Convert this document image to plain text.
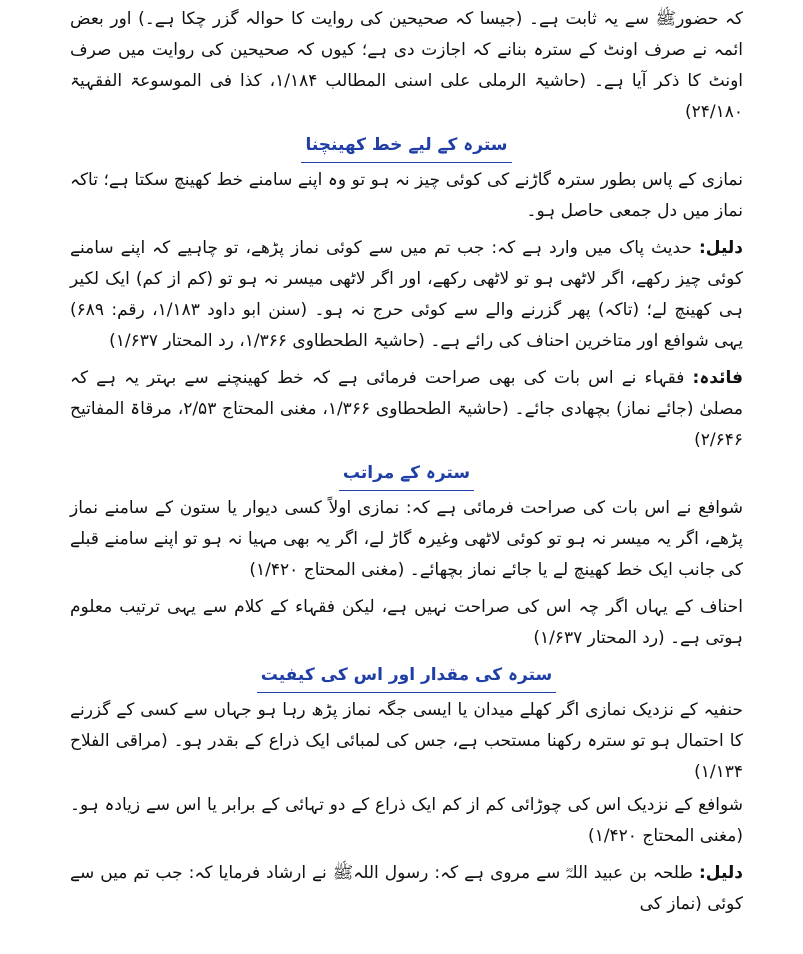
کہ حضورﷺ سے یہ ثابت ہے۔ (جیسا کہ صحیحین کی روایت کا حوالہ گزر چکا ہے۔) اور بعض ائمہ نے صرف اونٹ کے سترہ بنانے کہ اجازت دی ہے؛ کیوں کہ صحیحین کی روایت میں صرف اونٹ کا ذکر آیا ہے۔ (حاشیۃ الرملی علی اسنی المطالب ۱/۱۸۴، کذا فی الموسوعۃ الفقہیۃ ۲۴/۱۸۰)

سترہ کے لیے خط کھینچنا

نمازی کے پاس بطور سترہ گاڑنے کی کوئی چیز نہ ہو تو وہ اپنے سامنے خط کھینچ سکتا ہے؛ تاکہ نماز میں دل جمعی حاصل ہو۔

دلیل: حدیث پاک میں وارد ہے کہ: جب تم میں سے کوئی نماز پڑھے، تو چاہیے کہ اپنے سامنے کوئی چیز رکھے، اگر لاٹھی ہو تو لاٹھی رکھے، اور اگر لاٹھی میسر نہ ہو تو (کم از کم) ایک لکیر ہی کھینچ لے؛ (تاکہ) پھر گزرنے والے سے کوئی حرج نہ ہو۔ (سنن ابو داود ۱/۱۸۳، رقم: ۶۸۹) یہی شوافع اور متاخرین احناف کی رائے ہے۔ (حاشیۃ الطحطاوی ۱/۳۶۶، رد المحتار ۱/۶۳۷)

فائدہ: فقہاء نے اس بات کی بھی صراحت فرمائی ہے کہ خط کھینچنے سے بہتر یہ ہے کہ مصلیٰ (جائے نماز) بچھادی جائے۔ (حاشیۃ الطحطاوی ۱/۳۶۶، مغنی المحتاج ۲/۵۳، مرقاۃ المفاتیح ۲/۶۴۶)

سترہ کے مراتب

شوافع نے اس بات کی صراحت فرمائی ہے کہ: نمازی اولاً کسی دیوار یا ستون کے سامنے نماز پڑھے، اگر یہ میسر نہ ہو تو کوئی لاٹھی وغیرہ گاڑ لے، اگر یہ بھی مہیا نہ ہو تو اپنے سامنے قبلے کی جانب ایک خط کھینچ لے یا جائے نماز بچھائے۔ (مغنی المحتاج ۱/۴۲۰)

احناف کے یہاں اگر چہ اس کی صراحت نہیں ہے، لیکن فقہاء کے کلام سے یہی ترتیب معلوم ہوتی ہے۔ (رد المحتار ۱/۶۳۷)

سترہ کی مقدار اور اس کی کیفیت

حنفیہ کے نزدیک نمازی اگر کھلے میدان یا ایسی جگہ نماز پڑھ رہا ہو جہاں سے کسی کے گزرنے کا احتمال ہو تو سترہ رکھنا مستحب ہے، جس کی لمبائی ایک ذراع کے بقدر ہو۔ (مراقی الفلاح ۱/۱۳۴)

شوافع کے نزدیک اس کی چوڑائی کم از کم ایک ذراع کے دو تہائی کے برابر یا اس سے زیادہ ہو۔ (مغنی المحتاج ۱/۴۲۰)

دلیل: طلحہ بن عبید اللہؓ سے مروی ہے کہ: رسول اللہﷺ نے ارشاد فرمایا کہ: جب تم میں سے کوئی (نماز کی
